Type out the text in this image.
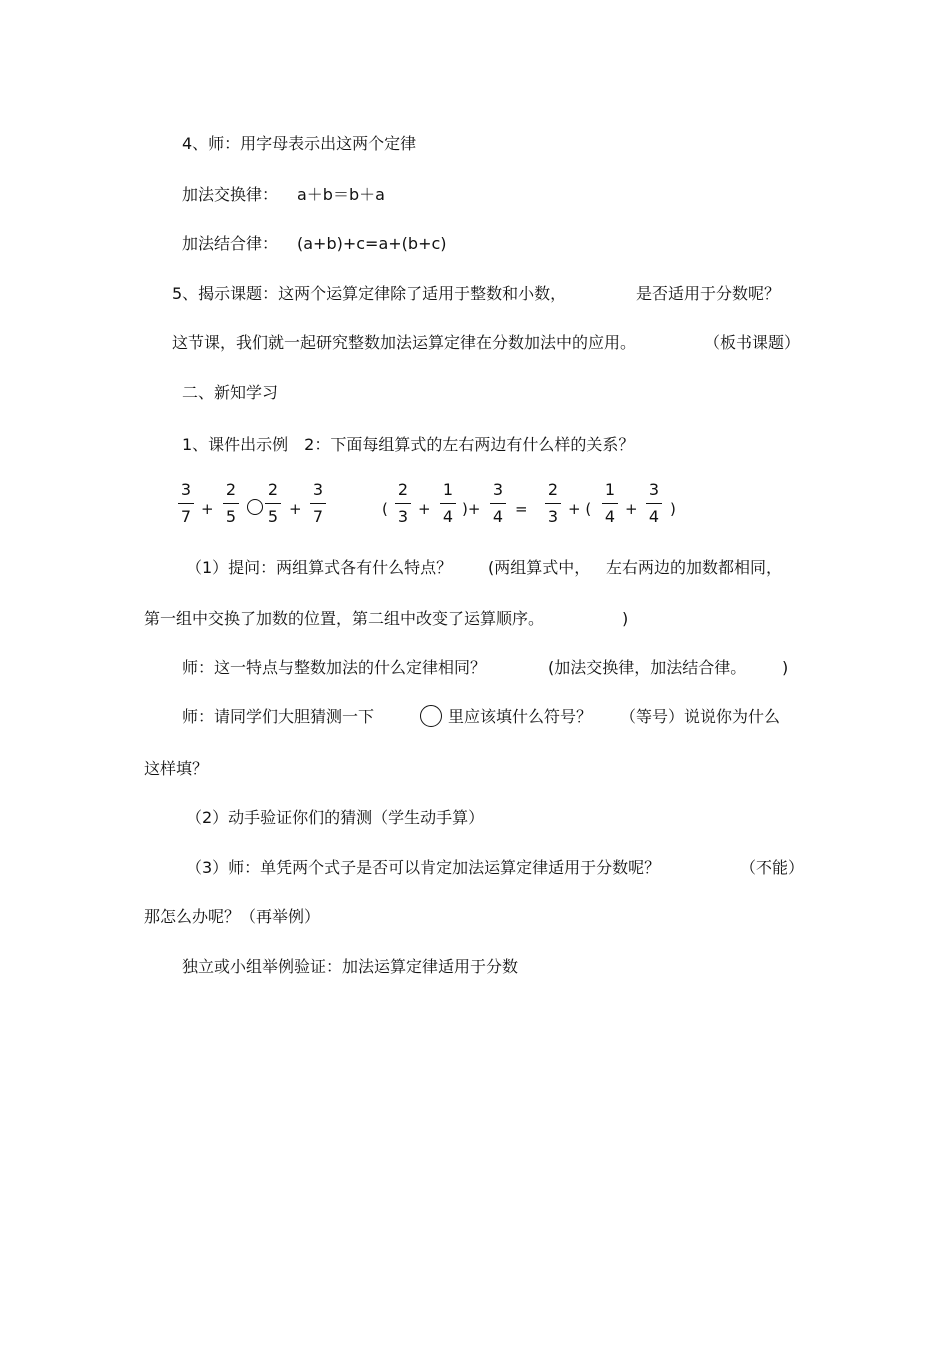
4、师：用字母表示出这两个定律
加法交换律： a＋b＝b＋a
加法结合律： (a+b)+c=a+(b+c)
5、揭示课题：这两个运算定律除了适用于整数和小数，	是否适用于分数呢？
这节课，我们就一起研究整数加法运算定律在分数加法中的应用。	（板书课题）
二、新知学习
1、课件出示例　2：下面每组算式的左右两边有什么样的关系？
3
7 +
2
5
2
5 +
3
7	(
2
3 +
1
4 )+
3
4 =
2
3 + (
1
4 +
3
4 )
（1）提问：两组算式各有什么特点？ (两组算式中， 左右两边的加数都相同，
第一组中交换了加数的位置，第二组中改变了运算顺序。	)
师：这一特点与整数加法的什么定律相同？	(加法交换律，加法结合律。 )
师：请同学们大胆猜测一下	里应该填什么符号？ （等号）说说你为什么
这样填？
（2）动手验证你们的猜测（学生动手算）
（3）师：单凭两个式子是否可以肯定加法运算定律适用于分数呢？	（不能）
那怎么办呢？（再举例）
独立或小组举例验证：加法运算定律适用于分数
